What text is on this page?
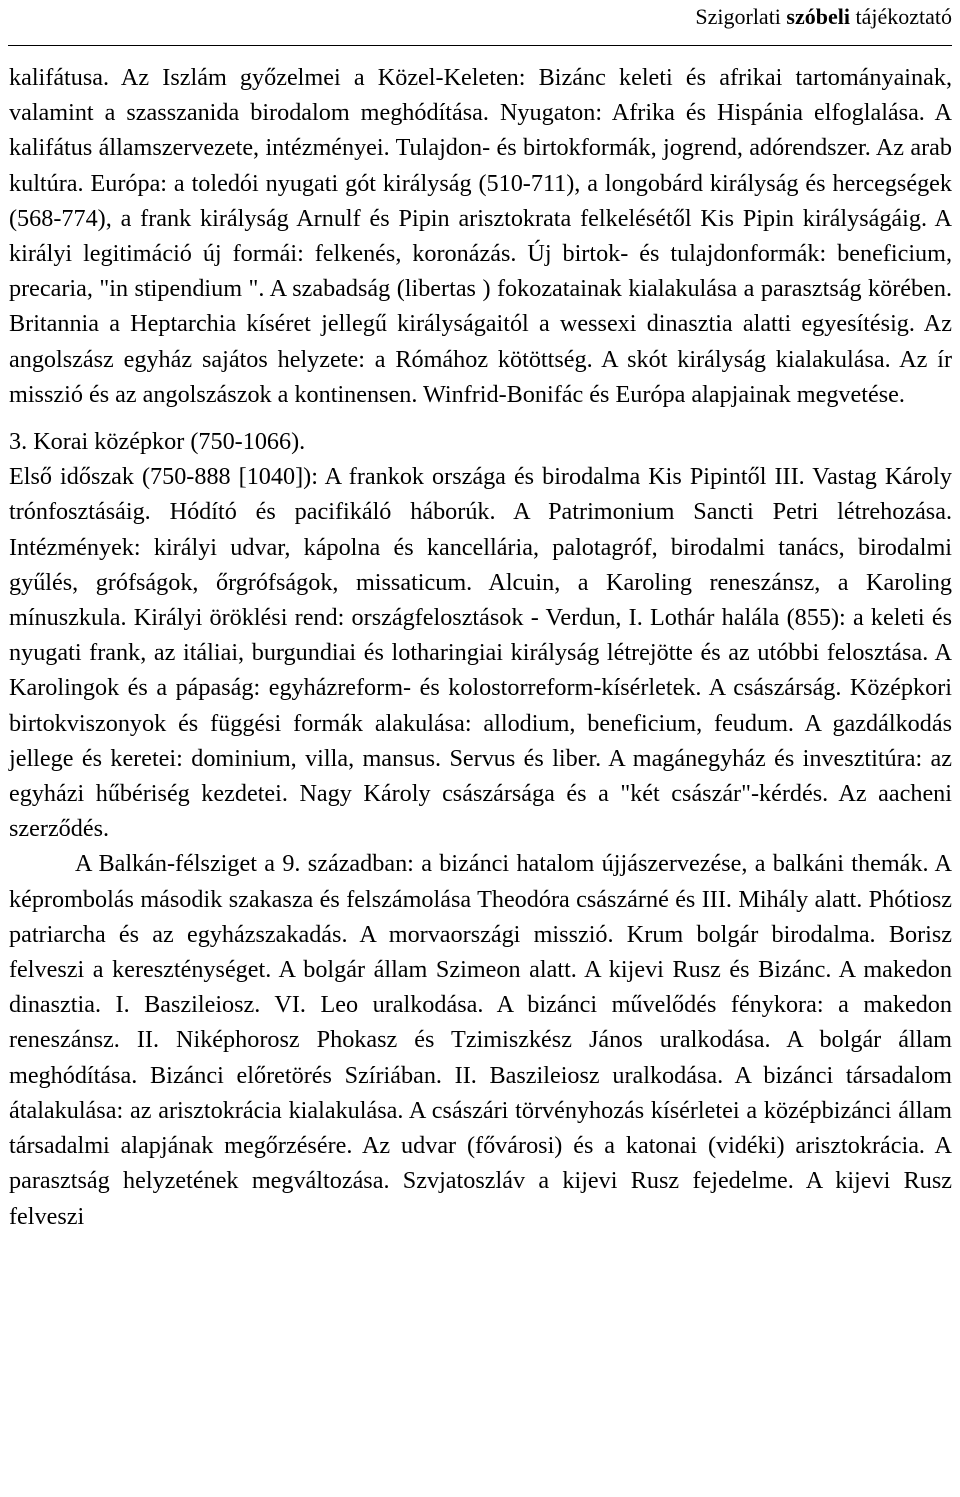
Szigorlati szóbeli tájékoztató

kalifátusa. Az Iszlám győzelmei a Közel-Keleten: Bizánc keleti és afrikai tartományainak, valamint a szasszanida birodalom meghódítása. Nyugaton: Afrika és Hispánia elfoglalása. A kalifátus államszervezete, intézményei. Tulajdon- és birtokformák, jogrend, adórendszer. Az arab kultúra. Európa: a toledói nyugati gót királyság (510-711), a longobárd királyság és hercegségek (568-774), a frank királyság Arnulf és Pipin arisztokrata felkelésétől Kis Pipin királyságáig. A királyi legitimáció új formái: felkenés, koronázás. Új birtok- és tulajdonformák: beneficium, precaria, "in stipendium ". A szabadság (libertas ) fokozatainak kialakulása a parasztság körében. Britannia a Heptarchia kíséret jellegű királyságaitól a wessexi dinasztia alatti egyesítésig. Az angolszász egyház sajátos helyzete: a Rómához kötöttség. A skót királyság kialakulása. Az ír misszió és az angolszászok a kontinensen. Winfrid-Bonifác és Európa alapjainak megvetése.

3. Korai középkor (750-1066).

Első időszak (750-888 [1040]): A frankok országa és birodalma Kis Pipintől III. Vastag Károly trónfosztásáig. Hódító és pacifikáló háborúk. A Patrimonium Sancti Petri létrehozása. Intézmények: királyi udvar, kápolna és kancellária, palotagróf, birodalmi tanács, birodalmi gyűlés, grófságok, őrgrófságok, missaticum. Alcuin, a Karoling reneszánsz, a Karoling mínuszkula. Királyi öröklési rend: országfelosztások - Verdun, I. Lothár halála (855): a keleti és nyugati frank, az itáliai, burgundiai és lotharingiai királyság létrejötte és az utóbbi felosztása. A Karolingok és a pápaság: egyházreform- és kolostorreform-kísérletek. A császárság. Középkori birtokviszonyok és függési formák alakulása: allodium, beneficium, feudum. A gazdálkodás jellege és keretei: dominium, villa, mansus. Servus és liber. A magánegyház és invesztitúra: az egyházi hűbériség kezdetei. Nagy Károly császársága és a "két császár"-kérdés. Az aacheni szerződés.

A Balkán-félsziget a 9. században: a bizánci hatalom újjászervezése, a balkáni themák. A képrombolás második szakasza és felszámolása Theodóra császárné és III. Mihály alatt. Phótiosz patriarcha és az egyházszakadás. A morvaországi misszió. Krum bolgár birodalma. Borisz felveszi a kereszténységet. A bolgár állam Szimeon alatt. A kijevi Rusz és Bizánc. A makedon dinasztia. I. Baszileiosz. VI. Leo uralkodása. A bizánci művelődés fénykora: a makedon reneszánsz. II. Niképhorosz Phokasz és Tzimiszkész János uralkodása. A bolgár állam meghódítása. Bizánci előretörés Szíriában. II. Baszileiosz uralkodása. A bizánci társadalom átalakulása: az arisztokrácia kialakulása. A császári törvényhozás kísérletei a középbizánci állam társadalmi alapjának megőrzésére. Az udvar (fővárosi) és a katonai (vidéki) arisztokrácia. A parasztság helyzetének megváltozása. Szvjatoszláv a kijevi Rusz fejedelme. A kijevi Rusz felveszi
